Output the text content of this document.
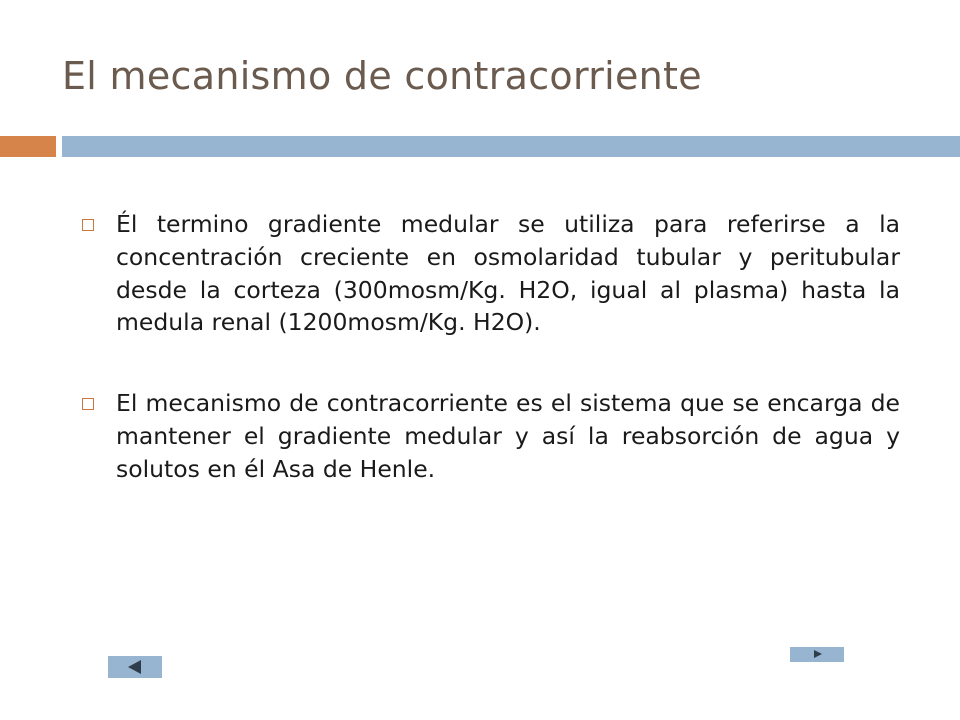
El mecanismo de contracorriente
Él termino gradiente medular se utiliza para referirse a la concentración creciente en osmolaridad tubular y peritubular desde la corteza (300mosm/Kg. H2O, igual al plasma) hasta la medula renal (1200mosm/Kg. H2O).
El mecanismo de contracorriente es el sistema que se encarga de mantener el gradiente medular y así la reabsorción de agua y solutos en él Asa de Henle.
